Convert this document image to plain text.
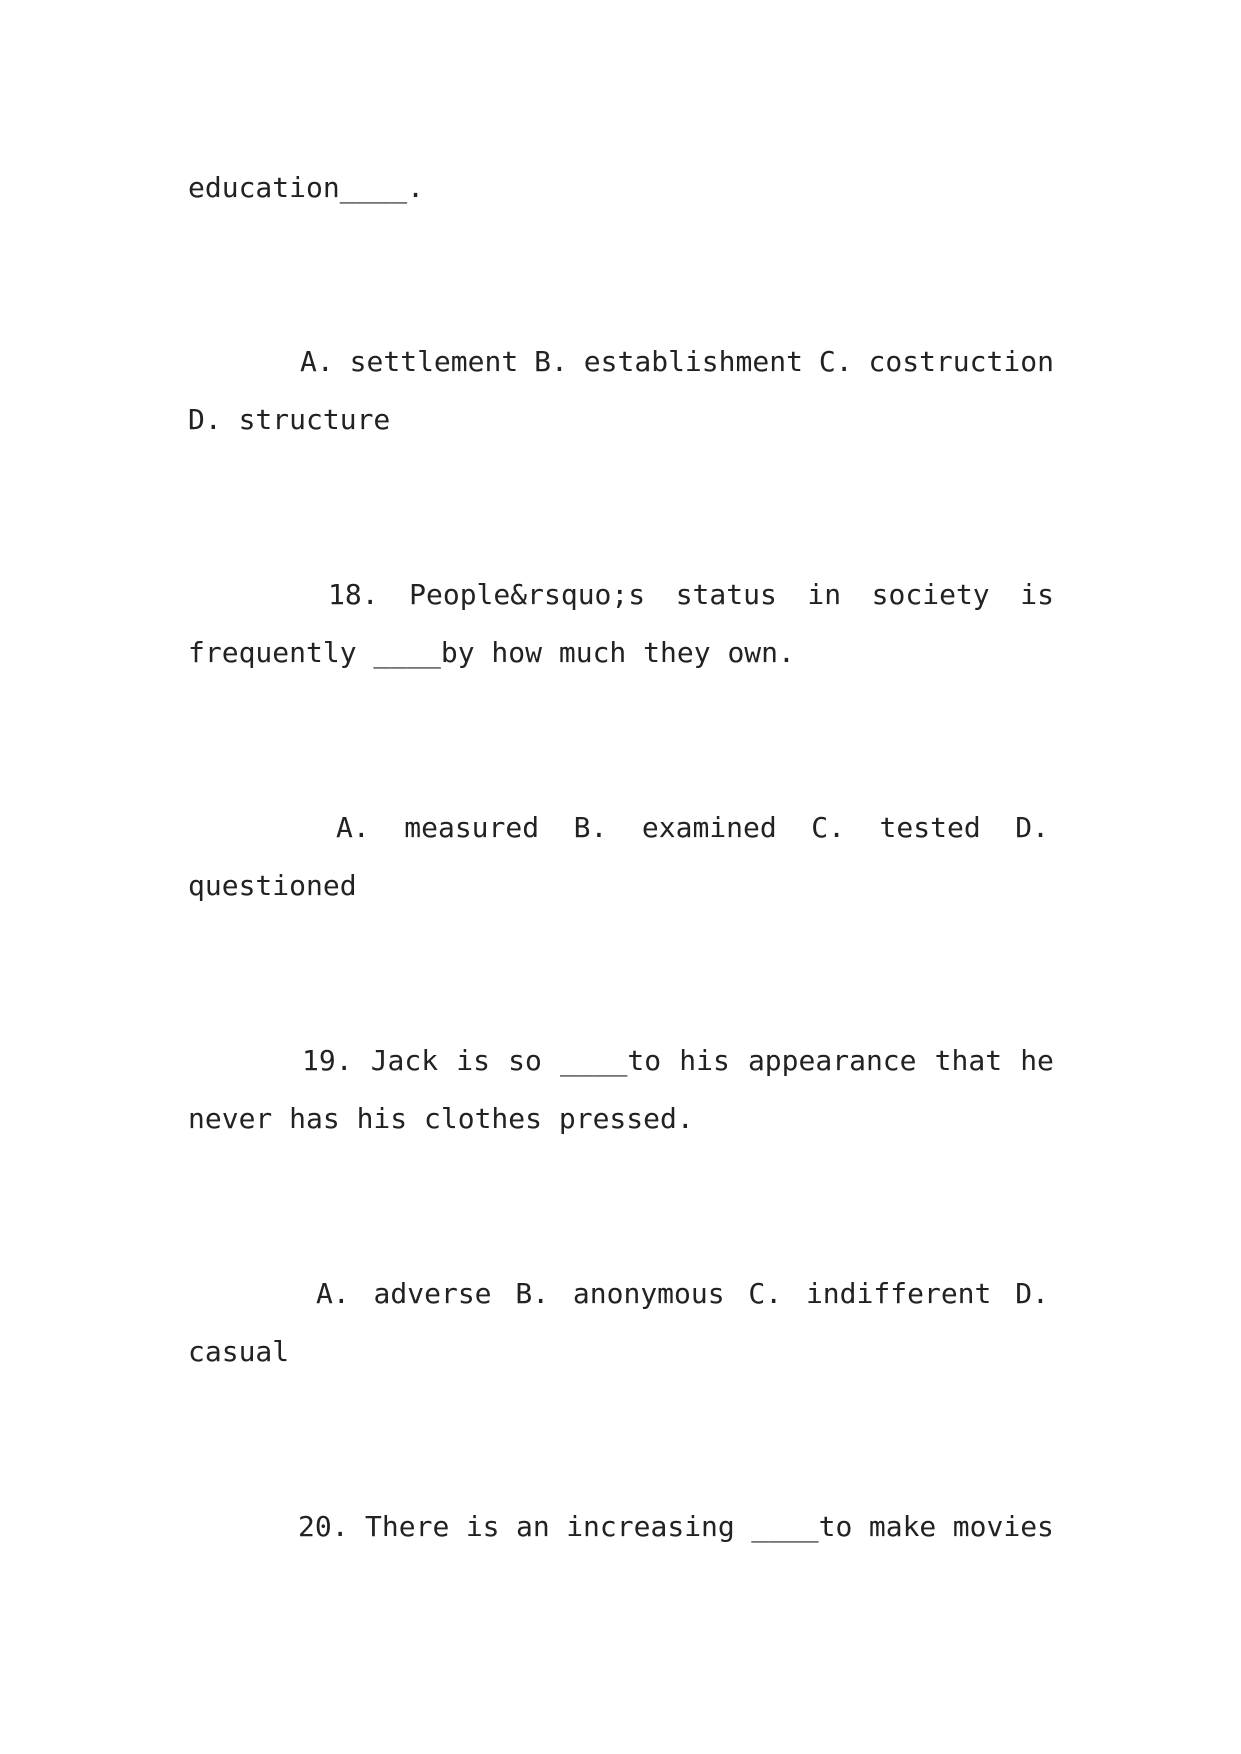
education____.
A. settlement B. establishment C. costruction
D. structure
18. People&rsquo;s status in society is
frequently ____by how much they own.
A. measured B. examined C. tested D.
questioned
19. Jack is so ____to his appearance that he
never has his clothes pressed.
A. adverse B. anonymous C. indifferent D.
casual
20. There is an increasing ____to make movies
